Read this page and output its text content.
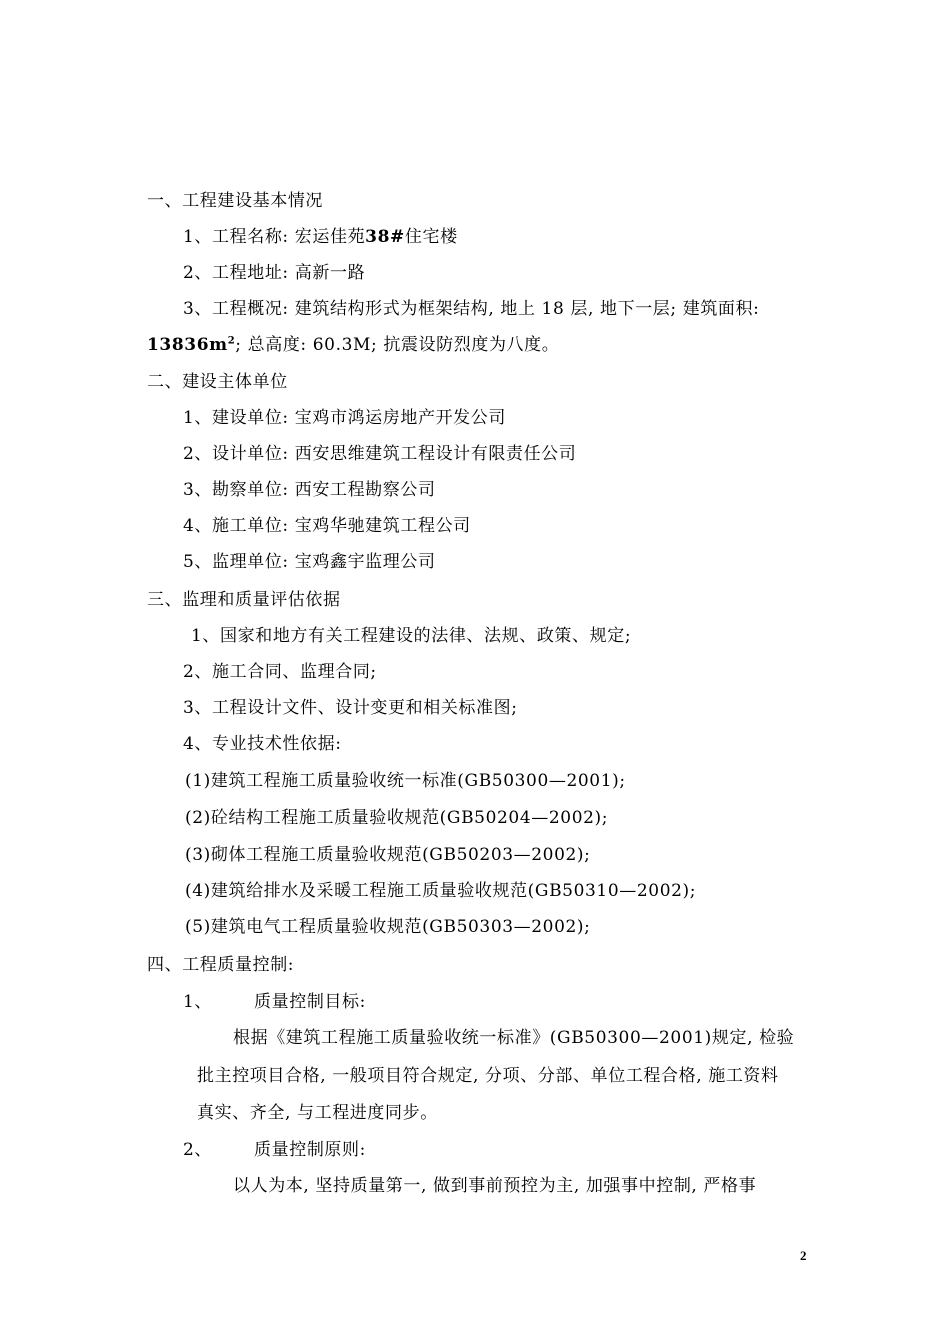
一、工程建设基本情况
1、工程名称: 宏运佳苑38#住宅楼
2、工程地址: 高新一路
3、工程概况: 建筑结构形式为框架结构, 地上 18 层, 地下一层; 建筑面积:
$13836m^2$; 总高度: 60.3M; 抗震设防烈度为八度。
二、建设主体单位
1、建设单位: 宝鸡市鸿运房地产开发公司
2、设计单位: 西安思维建筑工程设计有限责任公司
3、勘察单位: 西安工程勘察公司
4、施工单位: 宝鸡华驰建筑工程公司
5、监理单位: 宝鸡鑫宇监理公司
三、监理和质量评估依据
1、国家和地方有关工程建设的法律、法规、政策、规定;
2、施工合同、监理合同;
3、工程设计文件、设计变更和相关标准图;
4、专业技术性依据:
(1)建筑工程施工质量验收统一标准(GB50300—2001);
(2)砼结构工程施工质量验收规范(GB50204—2002);
(3)砌体工程施工质量验收规范(GB50203—2002);
(4)建筑给排水及采暖工程施工质量验收规范(GB50310—2002);
(5)建筑电气工程质量验收规范(GB50303—2002);
四、工程质量控制:
1、 质量控制目标:
根据《建筑工程施工质量验收统一标准》(GB50300—2001)规定, 检验
批主控项目合格, 一般项目符合规定, 分项、分部、单位工程合格, 施工资料
真实、齐全, 与工程进度同步。
2、 质量控制原则:
以人为本, 坚持质量第一, 做到事前预控为主, 加强事中控制, 严格事
2
